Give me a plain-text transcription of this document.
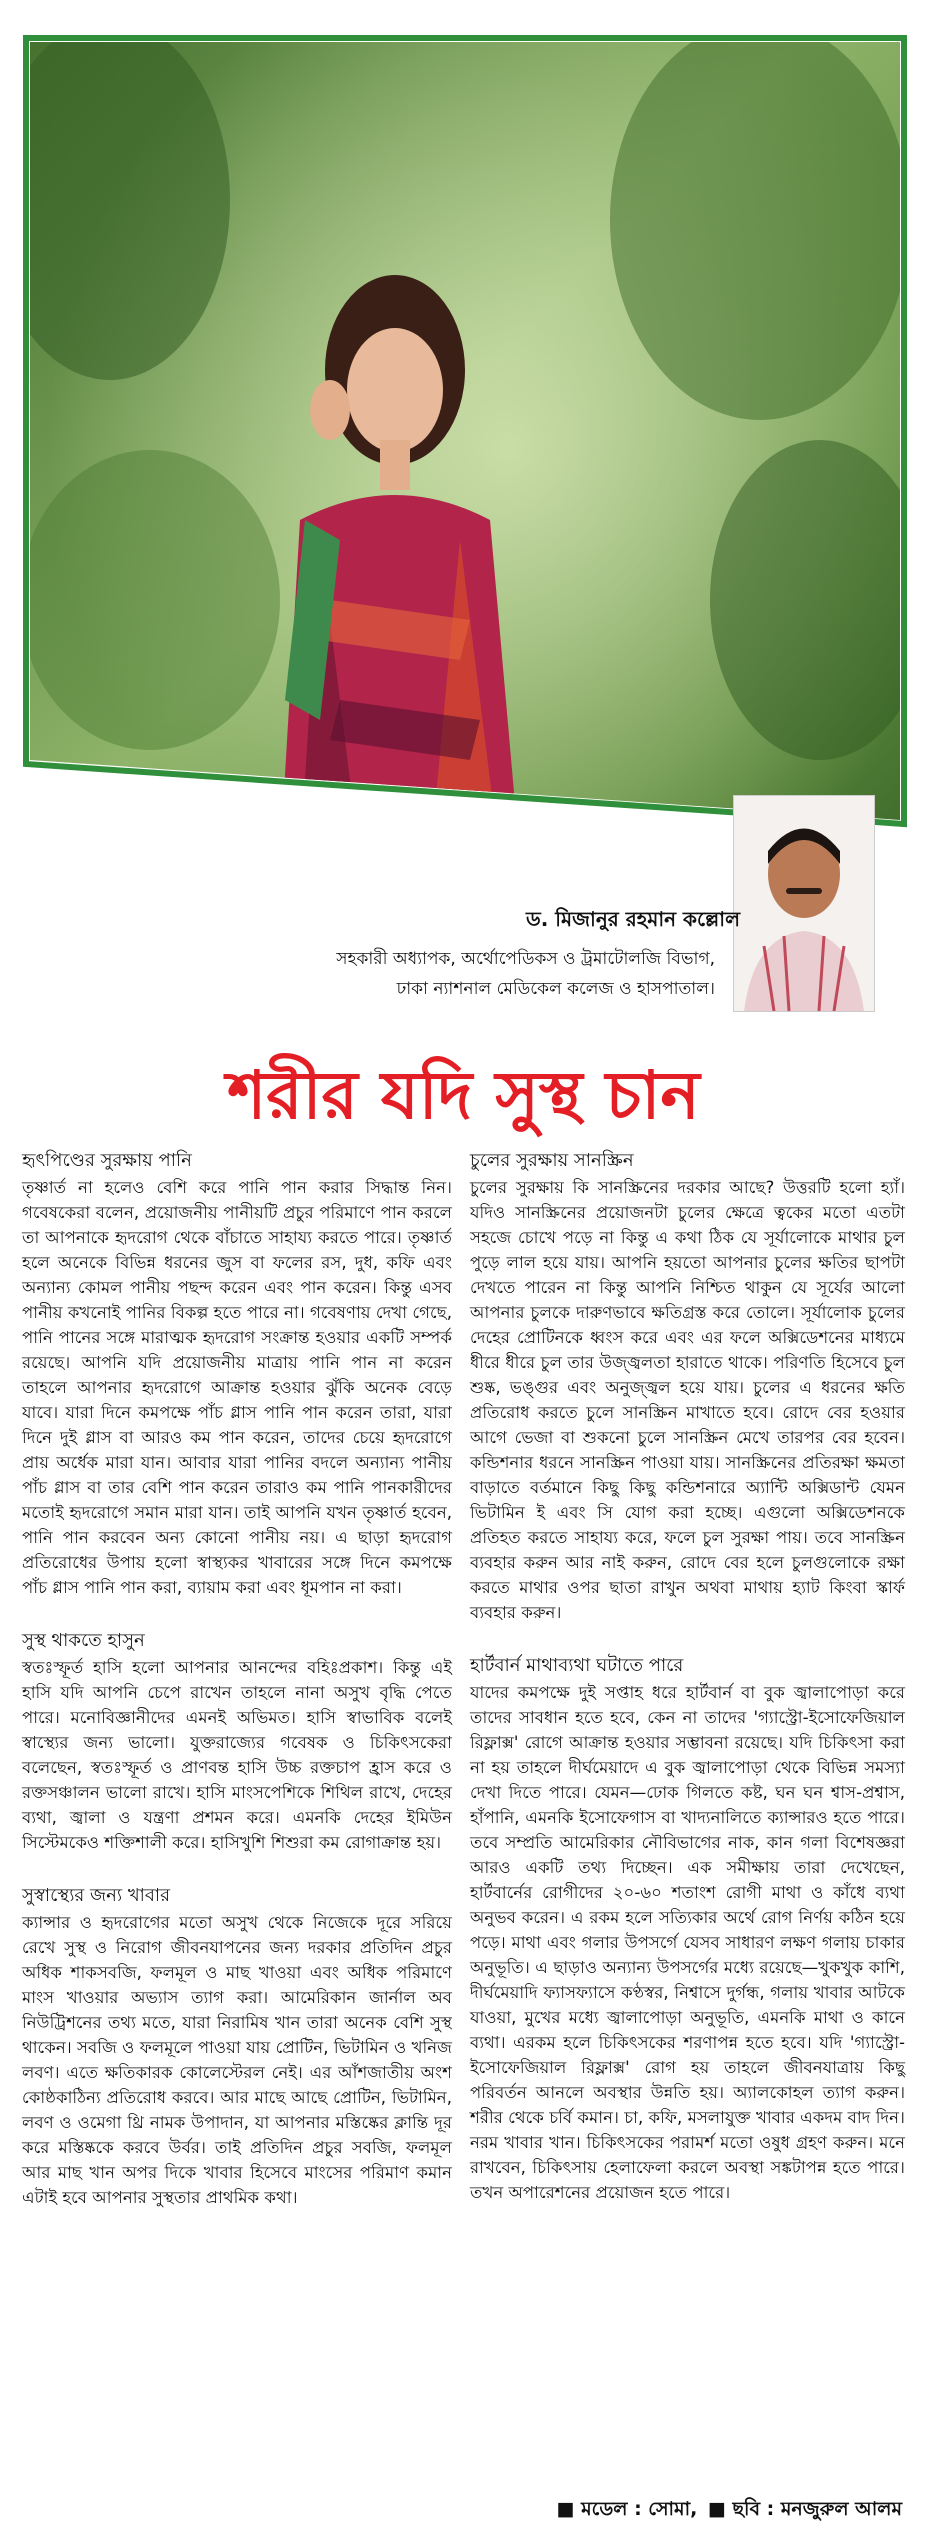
ড. মিজানুর রহমান কল্লোল
সহকারী অধ্যাপক, অর্থোপেডিকস ও ট্রমাটোলজি বিভাগ,
ঢাকা ন্যাশনাল মেডিকেল কলেজ ও হাসপাতাল।
শরীর যদি সুস্থ চান
হৃৎপিণ্ডের সুরক্ষায় পানি

তৃষ্ণার্ত না হলেও বেশি করে পানি পান করার সিদ্ধান্ত নিন। গবেষকেরা বলেন, প্রয়োজনীয় পানীয়টি প্রচুর পরিমাণে পান করলে তা আপনাকে হৃদরোগ থেকে বাঁচাতে সাহায্য করতে পারে। তৃষ্ণার্ত হলে অনেকে বিভিন্ন ধরনের জুস বা ফলের রস, দুধ, কফি এবং অন্যান্য কোমল পানীয় পছন্দ করেন এবং পান করেন। কিন্তু এসব পানীয় কখনোই পানির বিকল্প হতে পারে না। গবেষণায় দেখা গেছে, পানি পানের সঙ্গে মারাত্মক হৃদরোগ সংক্রান্ত হওয়ার একটি সম্পর্ক রয়েছে। আপনি যদি প্রয়োজনীয় মাত্রায় পানি পান না করেন তাহলে আপনার হৃদরোগে আক্রান্ত হওয়ার ঝুঁকি অনেক বেড়ে যাবে। যারা দিনে কমপক্ষে পাঁচ গ্লাস পানি পান করেন তারা, যারা দিনে দুই গ্লাস বা আরও কম পান করেন, তাদের চেয়ে হৃদরোগে প্রায় অর্ধেক মারা যান। আবার যারা পানির বদলে অন্যান্য পানীয় পাঁচ গ্লাস বা তার বেশি পান করেন তারাও কম পানি পানকারীদের মতোই হৃদরোগে সমান মারা যান। তাই আপনি যখন তৃষ্ণার্ত হবেন, পানি পান করবেন অন্য কোনো পানীয় নয়। এ ছাড়া হৃদরোগ প্রতিরোধের উপায় হলো স্বাস্থ্যকর খাবারের সঙ্গে দিনে কমপক্ষে পাঁচ গ্লাস পানি পান করা, ব্যায়াম করা এবং ধূমপান না করা।

সুস্থ থাকতে হাসুন

স্বতঃস্ফূর্ত হাসি হলো আপনার আনন্দের বহিঃপ্রকাশ। কিন্তু এই হাসি যদি আপনি চেপে রাখেন তাহলে নানা অসুখ বৃদ্ধি পেতে পারে। মনোবিজ্ঞানীদের এমনই অভিমত। হাসি স্বাভাবিক বলেই স্বাস্থ্যের জন্য ভালো। যুক্তরাজ্যের গবেষক ও চিকিৎসকেরা বলেছেন, স্বতঃস্ফূর্ত ও প্রাণবন্ত হাসি উচ্চ রক্তচাপ হ্রাস করে ও রক্তসঞ্চালন ভালো রাখে। হাসি মাংসপেশিকে শিথিল রাখে, দেহের ব্যথা, জ্বালা ও যন্ত্রণা প্রশমন করে। এমনকি দেহের ইমিউন সিস্টেমকেও শক্তিশালী করে। হাসিখুশি শিশুরা কম রোগাক্রান্ত হয়।

সুস্বাস্থ্যের জন্য খাবার

ক্যান্সার ও হৃদরোগের মতো অসুখ থেকে নিজেকে দূরে সরিয়ে রেখে সুস্থ ও নিরোগ জীবনযাপনের জন্য দরকার প্রতিদিন প্রচুর অধিক শাকসবজি, ফলমূল ও মাছ খাওয়া এবং অধিক পরিমাণে মাংস খাওয়ার অভ্যাস ত্যাগ করা। আমেরিকান জার্নাল অব নিউট্রিশনের তথ্য মতে, যারা নিরামিষ খান তারা অনেক বেশি সুস্থ থাকেন। সবজি ও ফলমূলে পাওয়া যায় প্রোটিন, ভিটামিন ও খনিজ লবণ। এতে ক্ষতিকারক কোলেস্টেরল নেই। এর আঁশজাতীয় অংশ কোষ্ঠকাঠিন্য প্রতিরোধ করবে। আর মাছে আছে প্রোটিন, ভিটামিন, লবণ ও ওমেগা থ্রি নামক উপাদান, যা আপনার মস্তিষ্কের ক্লান্তি দূর করে মস্তিষ্ককে করবে উর্বর। তাই প্রতিদিন প্রচুর সবজি, ফলমূল আর মাছ খান অপর দিকে খাবার হিসেবে মাংসের পরিমাণ কমান এটাই হবে আপনার সুস্থতার প্রাথমিক কথা।

চুলের সুরক্ষায় সানস্ক্রিন

চুলের সুরক্ষায় কি সানস্ক্রিনের দরকার আছে? উত্তরটি হলো হ্যাঁ। যদিও সানস্ক্রিনের প্রয়োজনটা চুলের ক্ষেত্রে ত্বকের মতো এতটা সহজে চোখে পড়ে না কিন্তু এ কথা ঠিক যে সূর্যালোকে মাথার চুল পুড়ে লাল হয়ে যায়। আপনি হয়তো আপনার চুলের ক্ষতির ছাপটা দেখতে পারেন না কিন্তু আপনি নিশ্চিত থাকুন যে সূর্যের আলো আপনার চুলকে দারুণভাবে ক্ষতিগ্রস্ত করে তোলে। সূর্যালোক চুলের দেহের প্রোটিনকে ধ্বংস করে এবং এর ফলে অক্সিডেশনের মাধ্যমে ধীরে ধীরে চুল তার উজ্জ্বলতা হারাতে থাকে। পরিণতি হিসেবে চুল শুষ্ক, ভঙ্গুর এবং অনুজ্জ্বল হয়ে যায়। চুলের এ ধরনের ক্ষতি প্রতিরোধ করতে চুলে সানস্ক্রিন মাখাতে হবে। রোদে বের হওয়ার আগে ভেজা বা শুকনো চুলে সানস্ক্রিন মেখে তারপর বের হবেন। কন্ডিশনার ধরনে সানস্ক্রিন পাওয়া যায়। সানস্ক্রিনের প্রতিরক্ষা ক্ষমতা বাড়াতে বর্তমানে কিছু কিছু কন্ডিশনারে অ্যান্টি অক্সিডান্ট যেমন ভিটামিন ই এবং সি যোগ করা হচ্ছে। এগুলো অক্সিডেশনকে প্রতিহত করতে সাহায্য করে, ফলে চুল সুরক্ষা পায়। তবে সানস্ক্রিন ব্যবহার করুন আর নাই করুন, রোদে বের হলে চুলগুলোকে রক্ষা করতে মাথার ওপর ছাতা রাখুন অথবা মাথায় হ্যাট কিংবা স্কার্ফ ব্যবহার করুন।

হার্টবার্ন মাথাব্যথা ঘটাতে পারে

যাদের কমপক্ষে দুই সপ্তাহ ধরে হার্টবার্ন বা বুক জ্বালাপোড়া করে তাদের সাবধান হতে হবে, কেন না তাদের 'গ্যাস্ট্রো-ইসোফেজিয়াল রিফ্লাক্স' রোগে আক্রান্ত হওয়ার সম্ভাবনা রয়েছে। যদি চিকিৎসা করা না হয় তাহলে দীর্ঘমেয়াদে এ বুক জ্বালাপোড়া থেকে বিভিন্ন সমস্যা দেখা দিতে পারে। যেমন—ঢোক গিলতে কষ্ট, ঘন ঘন শ্বাস-প্রশ্বাস, হাঁপানি, এমনকি ইসোফেগাস বা খাদ্যনালিতে ক্যান্সারও হতে পারে। তবে সম্প্রতি আমেরিকার নৌবিভাগের নাক, কান গলা বিশেষজ্ঞরা আরও একটি তথ্য দিচ্ছেন। এক সমীক্ষায় তারা দেখেছেন, হার্টবার্নের রোগীদের ২০-৬০ শতাংশ রোগী মাথা ও কাঁধে ব্যথা অনুভব করেন। এ রকম হলে সত্যিকার অর্থে রোগ নির্ণয় কঠিন হয়ে পড়ে। মাথা এবং গলার উপসর্গে যেসব সাধারণ লক্ষণ গলায় চাকার অনুভূতি। এ ছাড়াও অন্যান্য উপসর্গের মধ্যে রয়েছে—খুকখুক কাশি, দীর্ঘমেয়াদি ফ্যাসফ্যাসে কণ্ঠস্বর, নিশ্বাসে দুর্গন্ধ, গলায় খাবার আটকে যাওয়া, মুখের মধ্যে জ্বালাপোড়া অনুভূতি, এমনকি মাথা ও কানে ব্যথা। এরকম হলে চিকিৎসকের শরণাপন্ন হতে হবে। যদি 'গ্যাস্ট্রো-ইসোফেজিয়াল রিফ্লাক্স' রোগ হয় তাহলে জীবনযাত্রায় কিছু পরিবর্তন আনলে অবস্থার উন্নতি হয়। অ্যালকোহল ত্যাগ করুন। শরীর থেকে চর্বি কমান। চা, কফি, মসলাযুক্ত খাবার একদম বাদ দিন। নরম খাবার খান। চিকিৎসকের পরামর্শ মতো ওষুধ গ্রহণ করুন। মনে রাখবেন, চিকিৎসায় হেলাফেলা করলে অবস্থা সঙ্কটাপন্ন হতে পারে। তখন অপারেশনের প্রয়োজন হতে পারে।

■ মডেল : সোমা, ■ ছবি : মনজুরুল আলম
